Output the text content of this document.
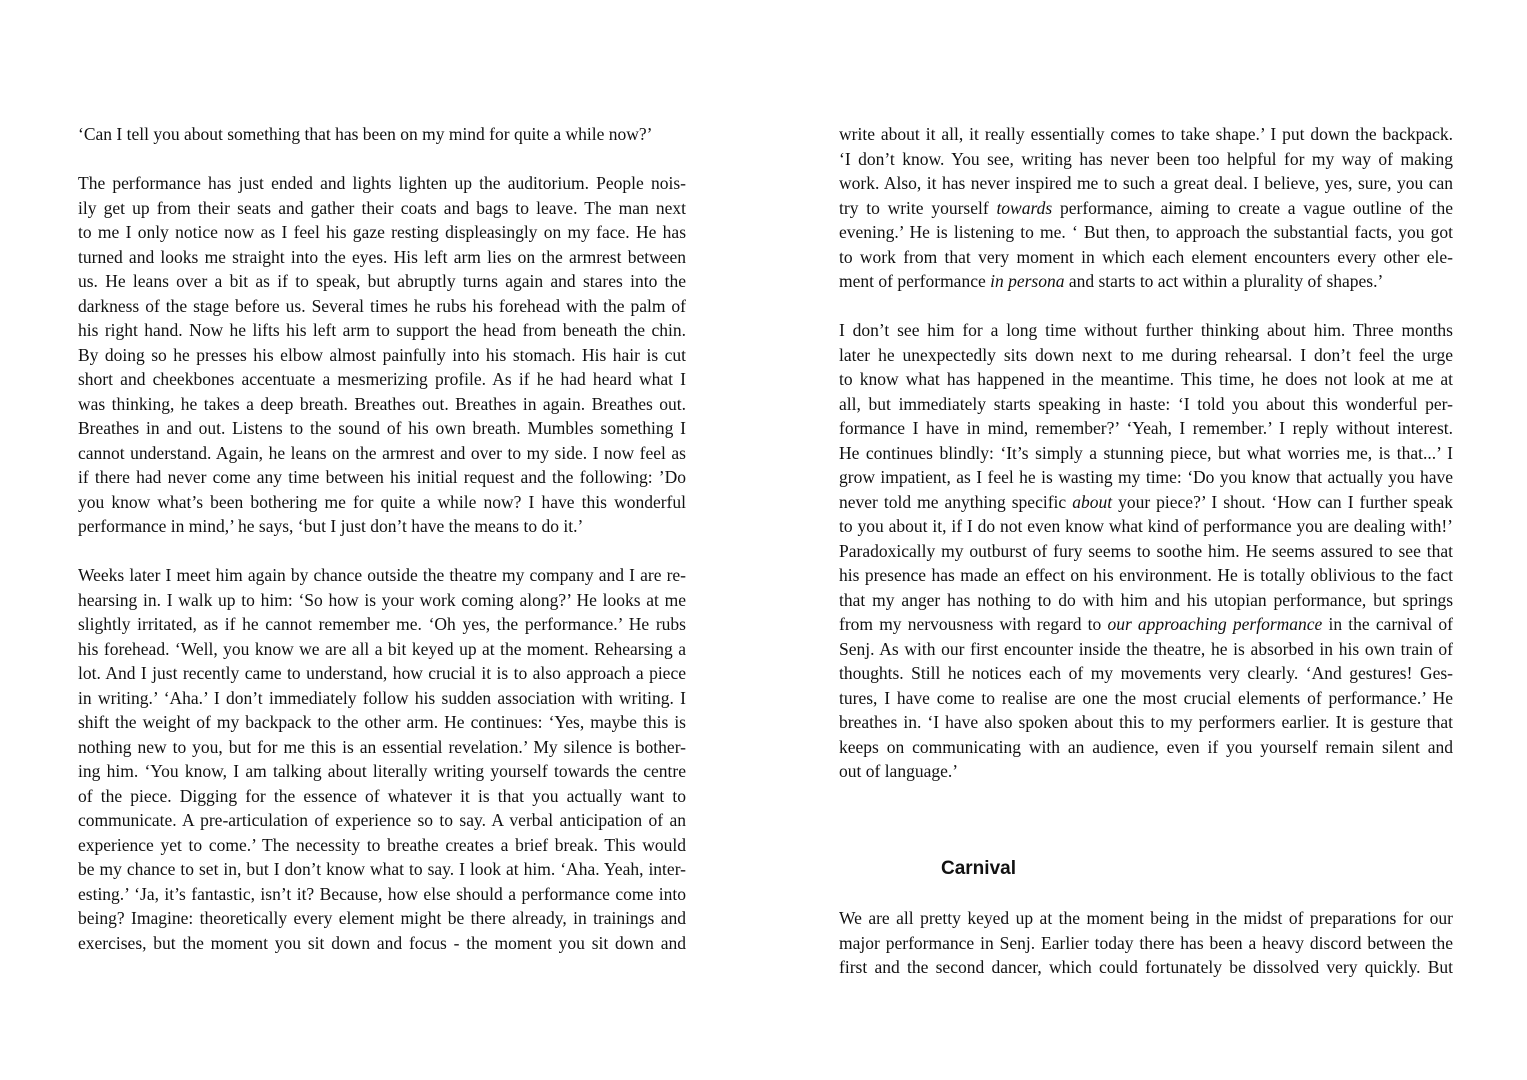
‘Can I tell you about something that has been on my mind for quite a while now?’
The performance has just ended and lights lighten up the auditorium. People nois-
ily get up from their seats and gather their coats and bags to leave. The man next
to me I only notice now as I feel his gaze resting displeasingly on my face. He has
turned and looks me straight into the eyes. His left arm lies on the armrest between
us. He leans over a bit as if to speak, but abruptly turns again and stares into the
darkness of the stage before us. Several times he rubs his forehead with the palm of
his right hand. Now he lifts his left arm to support the head from beneath the chin.
By doing so he presses his elbow almost painfully into his stomach. His hair is cut
short and cheekbones accentuate a mesmerizing profile. As if he had heard what I
was thinking, he takes a deep breath. Breathes out. Breathes in again. Breathes out.
Breathes in and out. Listens to the sound of his own breath. Mumbles something I
cannot understand. Again, he leans on the armrest and over to my side. I now feel as
if there had never come any time between his initial request and the following: ’Do
you know what’s been bothering me for quite a while now? I have this wonderful
performance in mind,’ he says, ‘but I just don’t have the means to do it.’
Weeks later I meet him again by chance outside the theatre my company and I are re-
hearsing in. I walk up to him: ‘So how is your work coming along?’ He looks at me
slightly irritated, as if he cannot remember me. ‘Oh yes, the performance.’ He rubs
his forehead. ‘Well, you know we are all a bit keyed up at the moment. Rehearsing a
lot. And I just recently came to understand, how crucial it is to also approach a piece
in writing.’ ‘Aha.’ I don’t immediately follow his sudden association with writing. I
shift the weight of my backpack to the other arm. He continues: ‘Yes, maybe this is
nothing new to you, but for me this is an essential revelation.’ My silence is bother-
ing him. ‘You know, I am talking about literally writing yourself towards the centre
of the piece. Digging for the essence of whatever it is that you actually want to
communicate. A pre-articulation of experience so to say. A verbal anticipation of an
experience yet to come.’ The necessity to breathe creates a brief break. This would
be my chance to set in, but I don’t know what to say. I look at him. ‘Aha. Yeah, inter-
esting.’ ‘Ja, it’s fantastic, isn’t it? Because, how else should a performance come into
being? Imagine: theoretically every element might be there already, in trainings and
exercises, but the moment you sit down and focus - the moment you sit down and
write about it all, it really essentially comes to take shape.’ I put down the backpack.
‘I don’t know. You see, writing has never been too helpful for my way of making
work. Also, it has never inspired me to such a great deal. I believe, yes, sure, you can
try to write yourself towards performance, aiming to create a vague outline of the
evening.’ He is listening to me. ‘ But then, to approach the substantial facts, you got
to work from that very moment in which each element encounters every other ele-
ment of performance in persona and starts to act within a plurality of shapes.’
I don’t see him for a long time without further thinking about him. Three months
later he unexpectedly sits down next to me during rehearsal. I don’t feel the urge
to know what has happened in the meantime. This time, he does not look at me at
all, but immediately starts speaking in haste: ‘I told you about this wonderful per-
formance I have in mind, remember?’ ‘Yeah, I remember.’ I reply without interest.
He continues blindly: ‘It’s simply a stunning piece, but what worries me, is that...’ I
grow impatient, as I feel he is wasting my time: ‘Do you know that actually you have
never told me anything specific about your piece?’ I shout. ‘How can I further speak
to you about it, if I do not even know what kind of performance you are dealing with!’
Paradoxically my outburst of fury seems to soothe him. He seems assured to see that
his presence has made an effect on his environment. He is totally oblivious to the fact
that my anger has nothing to do with him and his utopian performance, but springs
from my nervousness with regard to our approaching performance in the carnival of
Senj. As with our first encounter inside the theatre, he is absorbed in his own train of
thoughts. Still he notices each of my movements very clearly. ‘And gestures! Ges-
tures, I have come to realise are one the most crucial elements of performance.’ He
breathes in. ‘I have also spoken about this to my performers earlier. It is gesture that
keeps on communicating with an audience, even if you yourself remain silent and
out of language.’
Carnival
We are all pretty keyed up at the moment being in the midst of preparations for our
major performance in Senj. Earlier today there has been a heavy discord between the
first and the second dancer, which could fortunately be dissolved very quickly. But
